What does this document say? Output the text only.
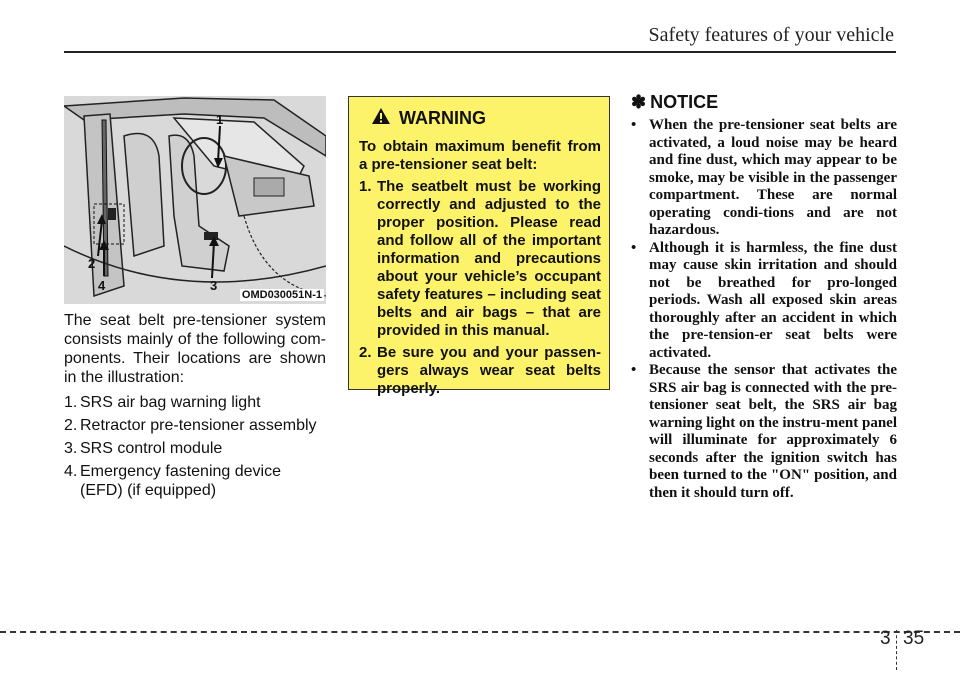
Safety features of your vehicle
1
2
3
4
OMD030051N-1

The seat belt pre-tensioner system consists mainly of the following com-ponents. Their locations are shown in the illustration:

1. SRS air bag warning light
2. Retractor pre-tensioner assembly
3. SRS control module
4. Emergency fastening device (EFD) (if equipped)
WARNING
To obtain maximum benefit from a pre-tensioner seat belt:
1. The seatbelt must be working correctly and adjusted to the proper position. Please read and follow all of the important information and precautions about your vehicle’s occupant safety features – including seat belts and air bags – that are provided in this manual.
2. Be sure you and your passen-gers always wear seat belts properly.
✽ NOTICE
• When the pre-tensioner seat belts are activated, a loud noise may be heard and fine dust, which may appear to be smoke, may be visible in the passenger compartment. These are normal operating condi-tions and are not hazardous.
• Although it is harmless, the fine dust may cause skin irritation and should not be breathed for pro-longed periods. Wash all exposed skin areas thoroughly after an accident in which the pre-tension-er seat belts were activated.
• Because the sensor that activates the SRS air bag is connected with the pre-tensioner seat belt, the SRS air bag warning light on the instru-ment panel will illuminate for approximately 6 seconds after the ignition switch has been turned to the "ON" position, and then it should turn off.
3 35
